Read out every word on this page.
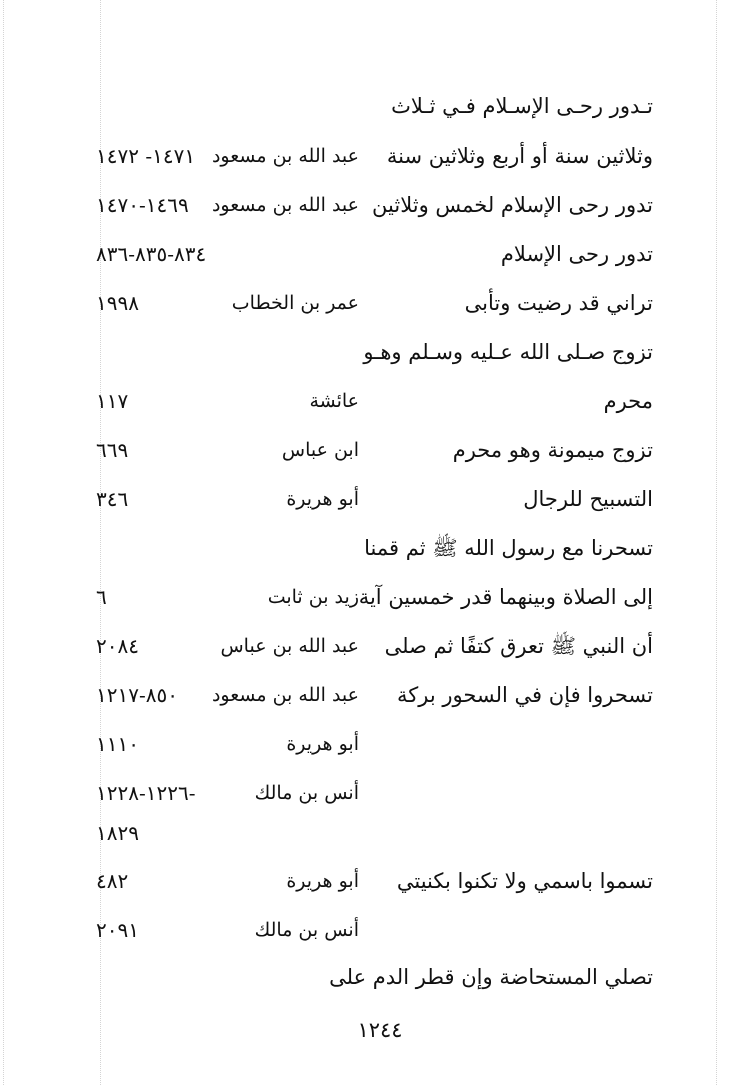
تـدور رحـى الإسـلام فـي ثـلاث
وثلاثين سنة أو أربع وثلاثين سنة
عبد الله بن مسعود
١٤٧١- ١٤٧٢
تدور رحى الإسلام لخمس وثلاثين
عبد الله بن مسعود
١٤٦٩-١٤٧٠
تدور رحى الإسلام
٨٣٤-٨٣٥-٨٣٦
تراني قد رضيت وتأبى
عمر بن الخطاب
١٩٩٨
تزوج صـلى الله عـليه وسـلم وهـو
محرم
عائشة
١١٧
تزوج ميمونة وهو محرم
ابن عباس
٦٦٩
التسبيح للرجال
أبو هريرة
٣٤٦
تسحرنا مع رسول الله ﷺ ثم قمنا
إلى الصلاة وبينهما قدر خمسين آية
زيد بن ثابت
٦
أن النبي ﷺ تعرق كتفًا ثم صلى
عبد الله بن عباس
٢٠٨٤
تسحروا فإن في السحور بركة
عبد الله بن مسعود
٨٥٠-١٢١٧
أبو هريرة
١١١٠
أنس بن مالك
١٢٢٦-١٢٢٨-
١٨٢٩
تسموا باسمي ولا تكنوا بكنيتي
أبو هريرة
٤٨٢
أنس بن مالك
٢٠٩١
تصلي المستحاضة وإن قطر الدم على
١٢٤٤
